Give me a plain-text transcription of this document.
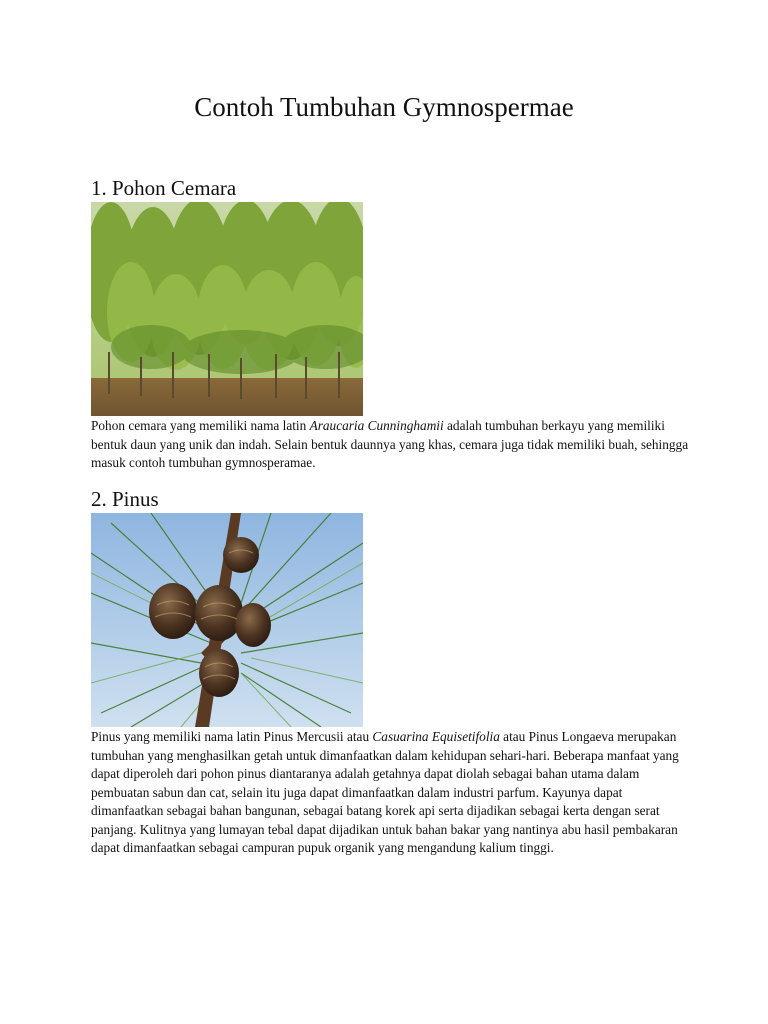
Contoh Tumbuhan Gymnospermae
1. Pohon Cemara

Pohon cemara yang memiliki nama latin Araucaria Cunninghamii adalah tumbuhan berkayu yang memiliki bentuk daun yang unik dan indah. Selain bentuk daunnya yang khas, cemara juga tidak memiliki buah, sehingga masuk contoh tumbuhan gymnosperamae.

2. Pinus

Pinus yang memiliki nama latin Pinus Mercusii atau Casuarina Equisetifolia atau Pinus Longaeva merupakan tumbuhan yang menghasilkan getah untuk dimanfaatkan dalam kehidupan sehari-hari. Beberapa manfaat yang dapat diperoleh dari pohon pinus diantaranya adalah getahnya dapat diolah sebagai bahan utama dalam pembuatan sabun dan cat, selain itu juga dapat dimanfaatkan dalam industri parfum. Kayunya dapat dimanfaatkan sebagai bahan bangunan, sebagai batang korek api serta dijadikan sebagai kerta dengan serat panjang. Kulitnya yang lumayan tebal dapat dijadikan untuk bahan bakar yang nantinya abu hasil pembakaran dapat dimanfaatkan sebagai campuran pupuk organik yang mengandung kalium tinggi.
